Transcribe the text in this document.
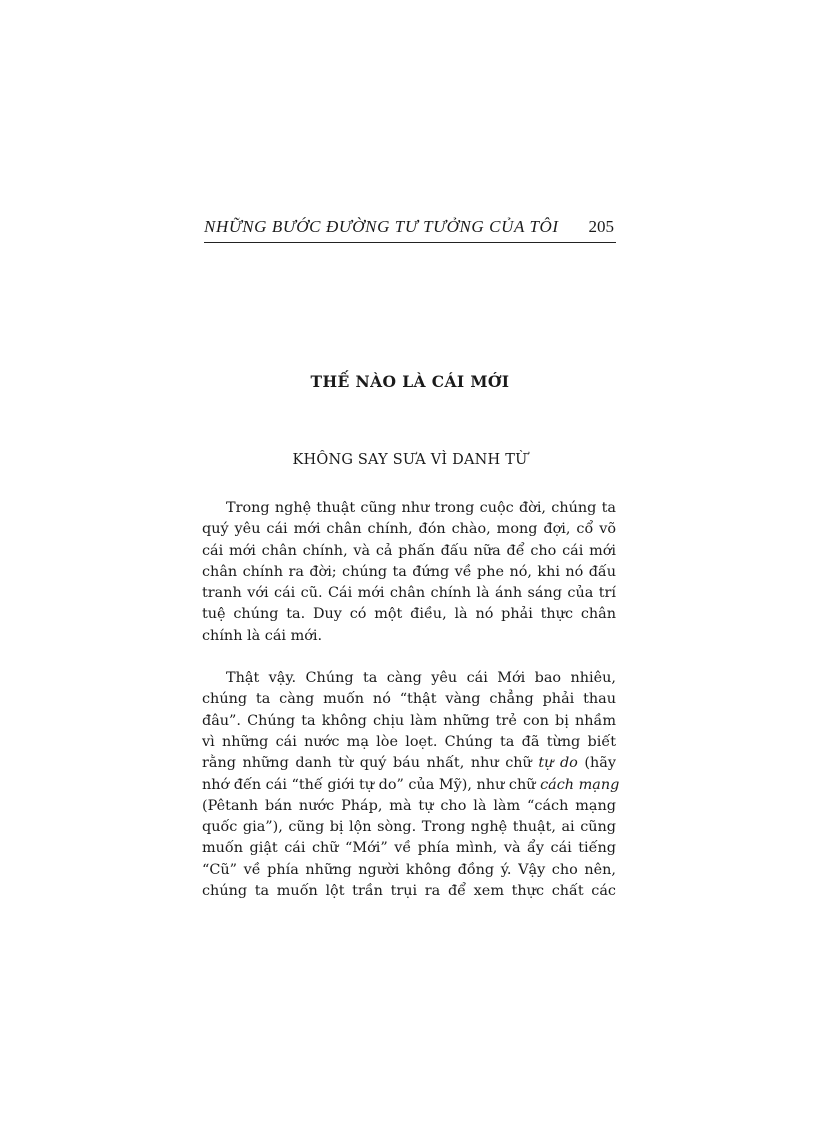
NHỮNG BƯỚC ĐƯỜNG TƯ TƯỞNG CỦA TÔI 205
THẾ NÀO LÀ CÁI MỚI
KHÔNG SAY SƯA VÌ DANH TỪ
Trong nghệ thuật cũng như trong cuộc đời, chúng ta
quý yêu cái mới chân chính, đón chào, mong đợi, cổ võ
cái mới chân chính, và cả phấn đấu nữa để cho cái mới
chân chính ra đời; chúng ta đứng về phe nó, khi nó đấu
tranh với cái cũ. Cái mới chân chính là ánh sáng của trí
tuệ chúng ta. Duy có một điều, là nó phải thực chân
chính là cái mới.
Thật vậy. Chúng ta càng yêu cái Mới bao nhiêu,
chúng ta càng muốn nó “thật vàng chẳng phải thau
đâu”. Chúng ta không chịu làm những trẻ con bị nhầm
vì những cái nước mạ lòe loẹt. Chúng ta đã từng biết
rằng những danh từ quý báu nhất, như chữ tự do (hãy
nhớ đến cái “thế giới tự do” của Mỹ), như chữ cách mạng
(Pêtanh bán nước Pháp, mà tự cho là làm “cách mạng
quốc gia”), cũng bị lộn sòng. Trong nghệ thuật, ai cũng
muốn giật cái chữ “Mới” về phía mình, và ẩy cái tiếng
“Cũ” về phía những người không đồng ý. Vậy cho nên,
chúng ta muốn lột trần trụi ra để xem thực chất các
